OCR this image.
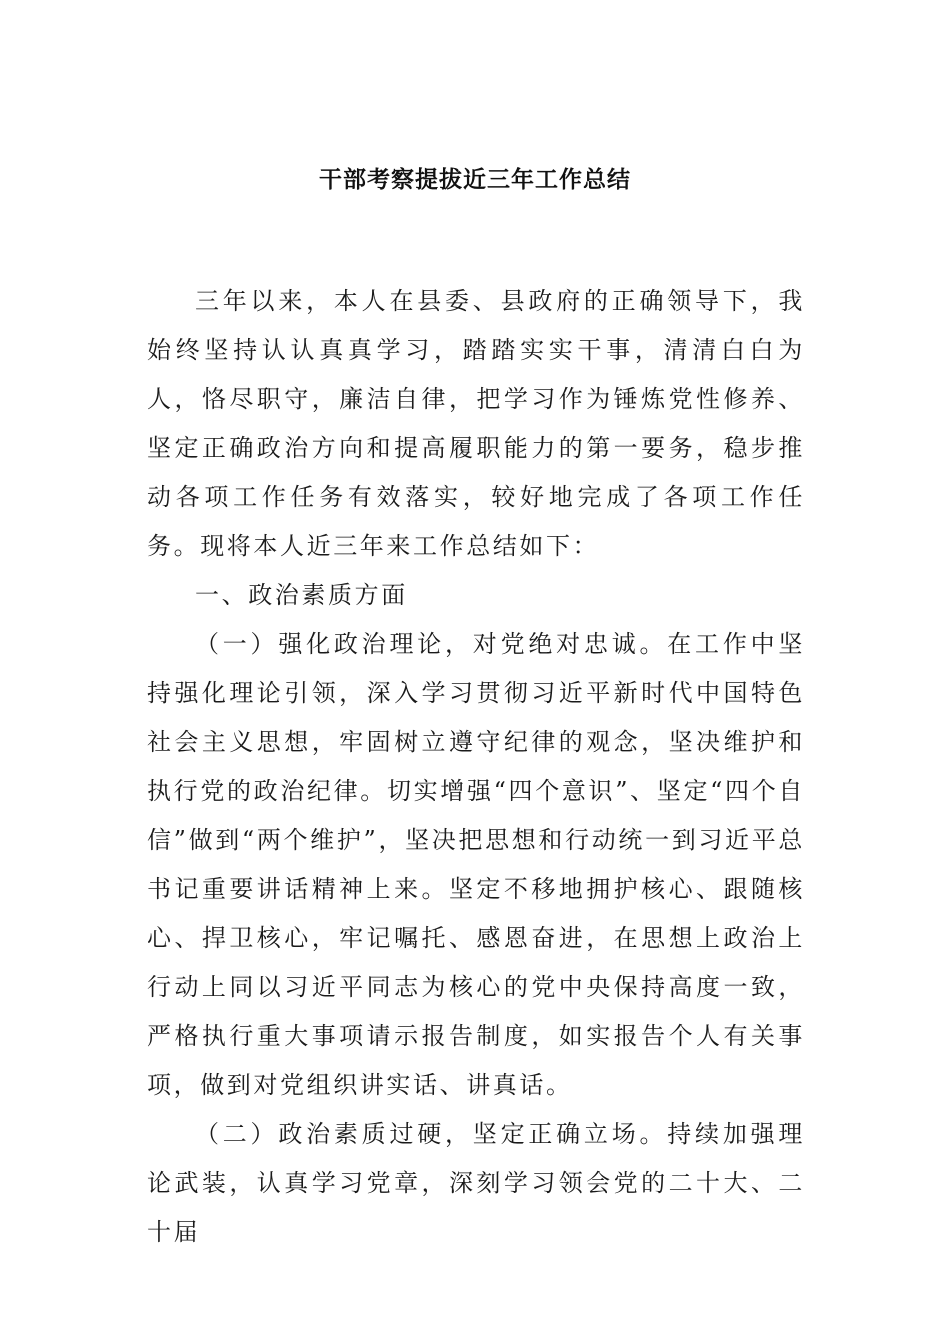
干部考察提拔近三年工作总结

三年以来，本人在县委、县政府的正确领导下，我始终坚持认认真真学习，踏踏实实干事，清清白白为人，恪尽职守，廉洁自律，把学习作为锤炼党性修养、坚定正确政治方向和提高履职能力的第一要务，稳步推动各项工作任务有效落实，较好地完成了各项工作任务。现将本人近三年来工作总结如下：

一、政治素质方面

（一）强化政治理论，对党绝对忠诚。在工作中坚持强化理论引领，深入学习贯彻习近平新时代中国特色社会主义思想，牢固树立遵守纪律的观念，坚决维护和执行党的政治纪律。切实增强“四个意识”、坚定“四个自信”做到“两个维护”，坚决把思想和行动统一到习近平总书记重要讲话精神上来。坚定不移地拥护核心、跟随核心、捍卫核心，牢记嘱托、感恩奋进，在思想上政治上行动上同以习近平同志为核心的党中央保持高度一致，严格执行重大事项请示报告制度，如实报告个人有关事项，做到对党组织讲实话、讲真话。

（二）政治素质过硬，坚定正确立场。持续加强理论武装，认真学习党章，深刻学习领会党的二十大、二十届
